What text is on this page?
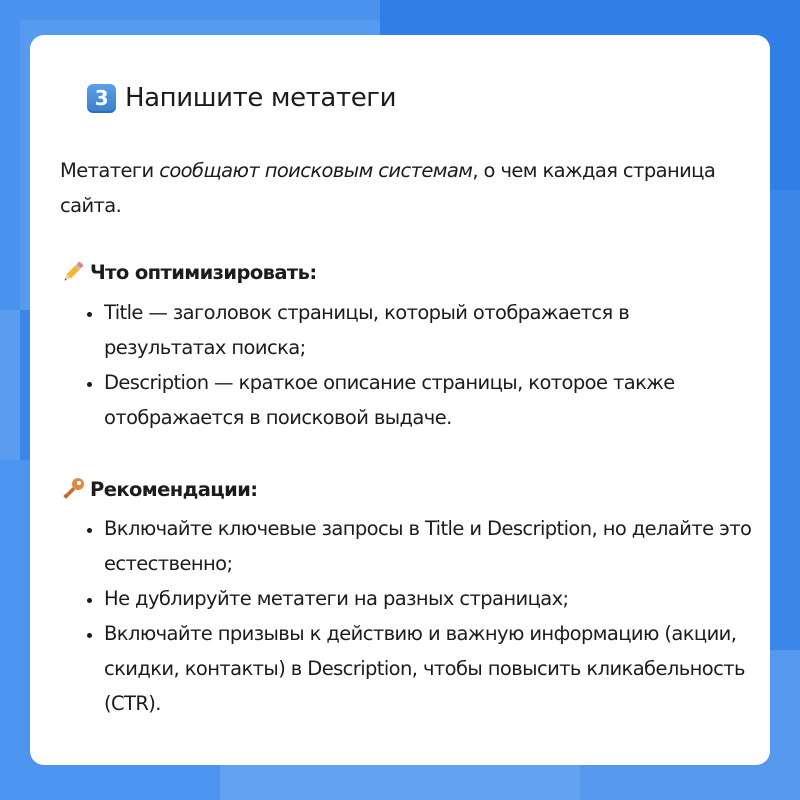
3 Напишите метатеги
Метатеги сообщают поисковым системам, о чем каждая страница сайта.
Что оптимизировать:
• Title — заголовок страницы, который отображается в результатах поиска;
• Description — краткое описание страницы, которое также отображается в поисковой выдаче.
Рекомендации:
• Включайте ключевые запросы в Title и Description, но делайте это естественно;
• Не дублируйте метатеги на разных страницах;
• Включайте призывы к действию и важную информацию (акции, скидки, контакты) в Description, чтобы повысить кликабельность (CTR).
